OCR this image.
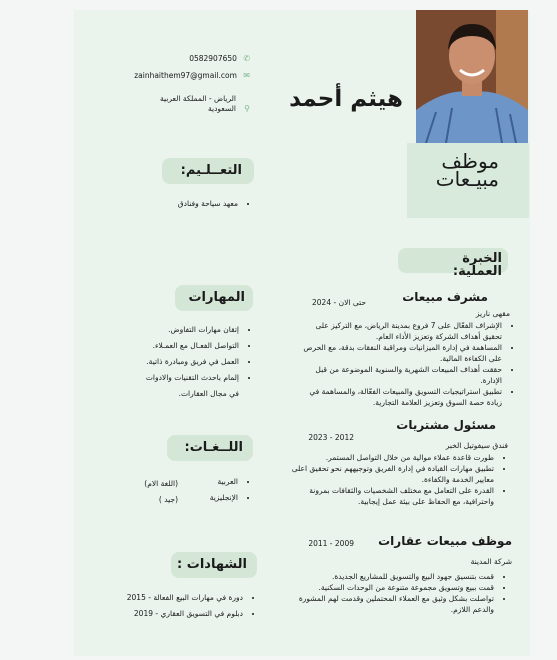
موظف
مبيـعات
هيثم أحمد
✆ 0582907650
✉ zainhaithem97@gmail.com
⚲
الرياض - المملكة العربية
السعودية
التعــلـيم:
• معهد سياحة وفنادق
المهارات
• إتقان مهارات التفاوض.
• التواصل الفعـال مع العمـلاء.
• العمل في فريق ومبادرة ذاتية.
• إلمام باحدث التقنيات والادوات
في مجال العقارات.
اللــغـات:
• العربية
• الإنجليزية
(اللغة الام)
(جيد )
الشهادات :
• دورة في مهارات البيع الفعالة - 2015
• دبلوم في التسويق العقاري - 2019
الخبرة
العملية:
مشرف مبيعات
حتى الان - 2024
مقهى ناريز
• الإشراف الفعّال على 7 فروع بمدينة الرياض، مع التركيز على تحقيق أهداف الشركة وتعزيز الأداء العام.
• المساهمة في إدارة الميزانيات ومراقبة النفقات بدقة، مع الحرص على الكفاءة المالية.
• حققت أهداف المبيعات الشهرية والسنوية الموضوعة من قبل الإدارة.
• تطبيق استراتيجيات التسويق والمبيعات الفعّالة، والمساهمة في زيادة حصة السوق وتعزيز العلامة التجارية.
مسئول مشتريات
2012 - 2023
فندق سيفوتيل الخبر
• طورت قاعدة عملاء موالية من خلال التواصل المستمر.
• تطبيق مهارات القيادة في إدارة الفريق وتوجيههم نحو تحقيق اعلى معايير الخدمة والكفاءة.
• القدرة على التعامل مع مختلف الشخصيات والثقافات بمرونة واحترافية، مع الحفاظ على بيئة عمل إيجابية.
موظف مبيعات عقارات
2009 - 2011
شركة المدينة
• قمت بتنسيق جهود البيع والتسويق للمشاريع الجديدة.
• قمت ببيع وتسويق مجموعة متنوعة من الوحدات السكنية.
• تواصلت بشكل وثيق مع العملاء المحتملين وقدمت لهم المشورة والدعم اللازم.
